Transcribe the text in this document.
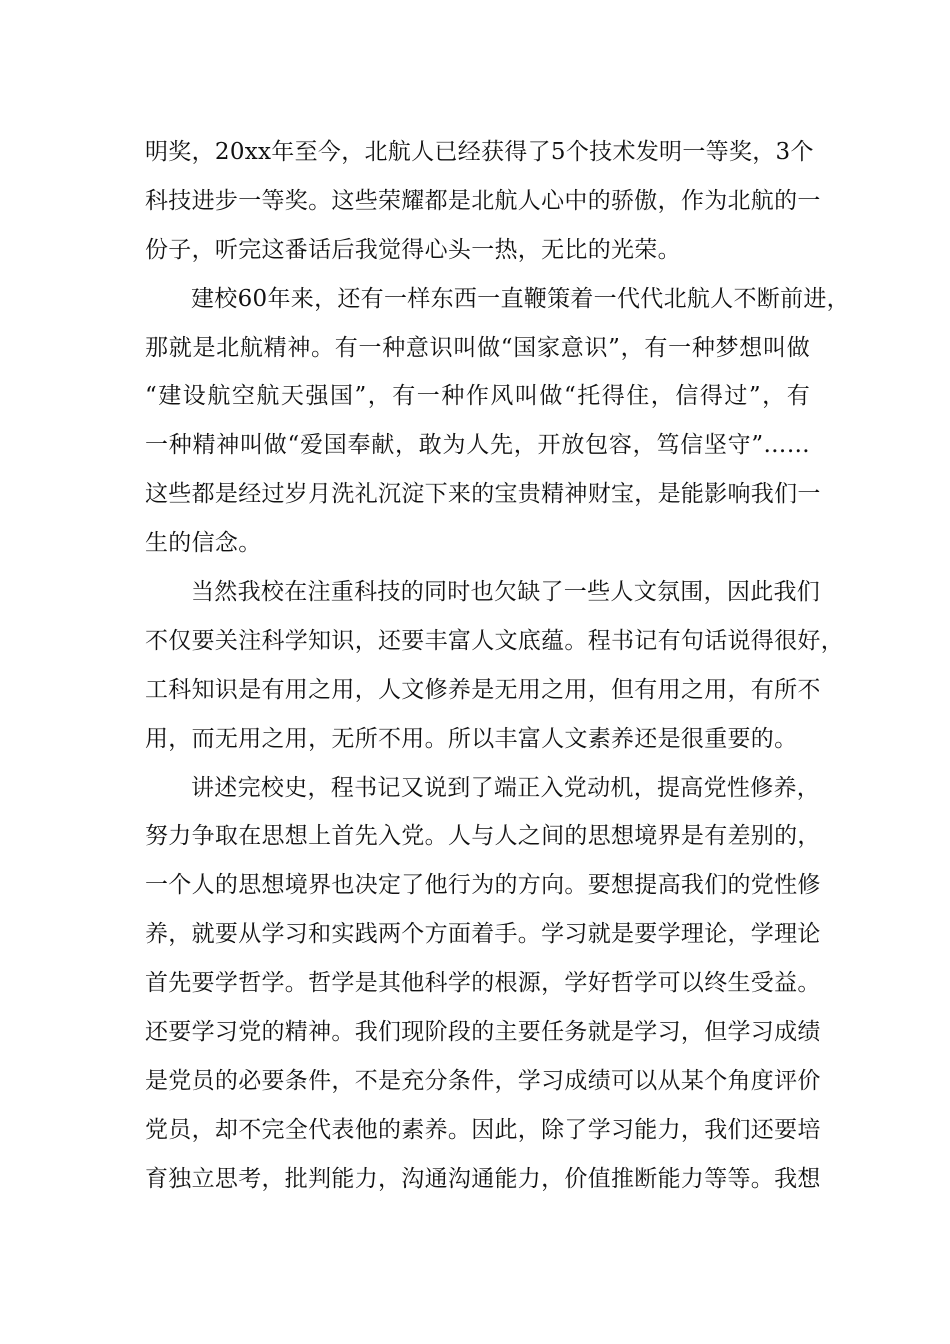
明奖，20xx年至今，北航人已经获得了5个技术发明一等奖，3个
科技进步一等奖。这些荣耀都是北航人心中的骄傲，作为北航的一
份子，听完这番话后我觉得心头一热，无比的光荣。
建校60年来，还有一样东西一直鞭策着一代代北航人不断前进，
那就是北航精神。有一种意识叫做“国家意识”，有一种梦想叫做
“建设航空航天强国”，有一种作风叫做“托得住，信得过”，有
一种精神叫做“爱国奉献，敢为人先，开放包容，笃信坚守”……
这些都是经过岁月洗礼沉淀下来的宝贵精神财宝，是能影响我们一
生的信念。
当然我校在注重科技的同时也欠缺了一些人文氛围，因此我们
不仅要关注科学知识，还要丰富人文底蕴。程书记有句话说得很好，
工科知识是有用之用，人文修养是无用之用，但有用之用，有所不
用，而无用之用，无所不用。所以丰富人文素养还是很重要的。
讲述完校史，程书记又说到了端正入党动机，提高党性修养，
努力争取在思想上首先入党。人与人之间的思想境界是有差别的，
一个人的思想境界也决定了他行为的方向。要想提高我们的党性修
养，就要从学习和实践两个方面着手。学习就是要学理论，学理论
首先要学哲学。哲学是其他科学的根源，学好哲学可以终生受益。
还要学习党的精神。我们现阶段的主要任务就是学习，但学习成绩
是党员的必要条件，不是充分条件，学习成绩可以从某个角度评价
党员，却不完全代表他的素养。因此，除了学习能力，我们还要培
育独立思考，批判能力，沟通沟通能力，价值推断能力等等。我想
